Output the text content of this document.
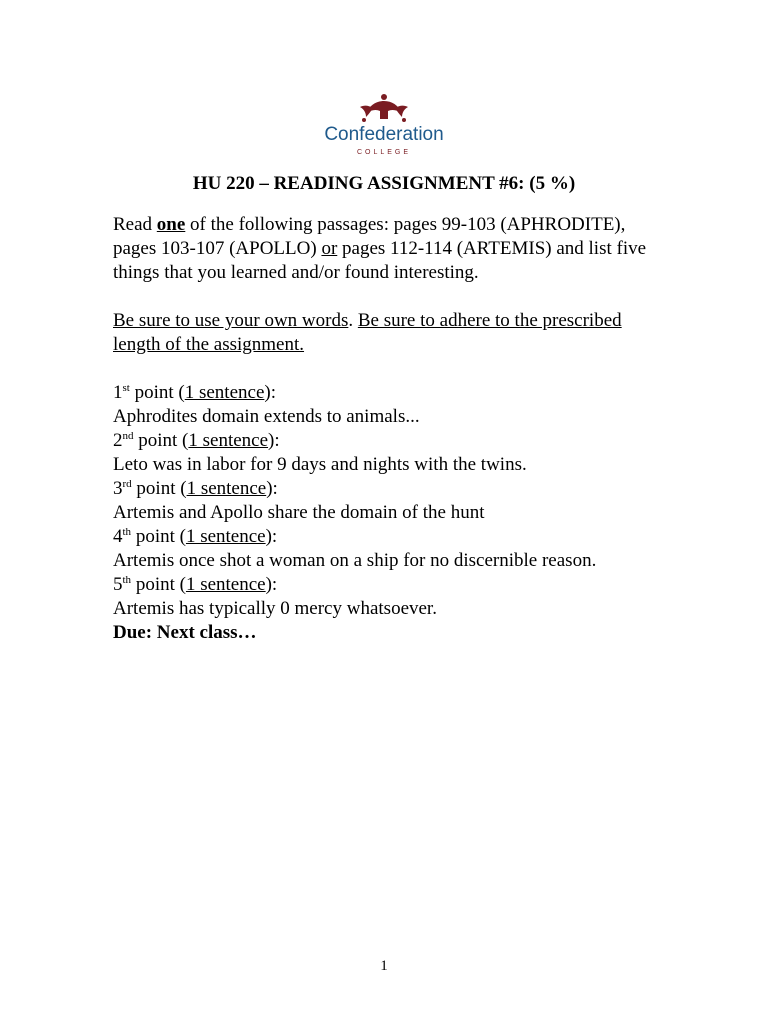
Confederation
COLLEGE
HU 220 – READING ASSIGNMENT #6: (5 %)

Read one of the following passages: pages 99-103 (APHRODITE), pages 103-107 (APOLLO) or pages 112-114 (ARTEMIS) and list five things that you learned and/or found interesting.

Be sure to use your own words. Be sure to adhere to the prescribed length of the assignment.

1st point (1 sentence):

Aphrodites domain extends to animals...

2nd point (1 sentence):

Leto was in labor for 9 days and nights with the twins.

3rd point (1 sentence):

Artemis and Apollo share the domain of the hunt

4th point (1 sentence):

Artemis once shot a woman on a ship for no discernible reason.

5th point (1 sentence):

Artemis has typically 0 mercy whatsoever.

Due: Next class…

1
